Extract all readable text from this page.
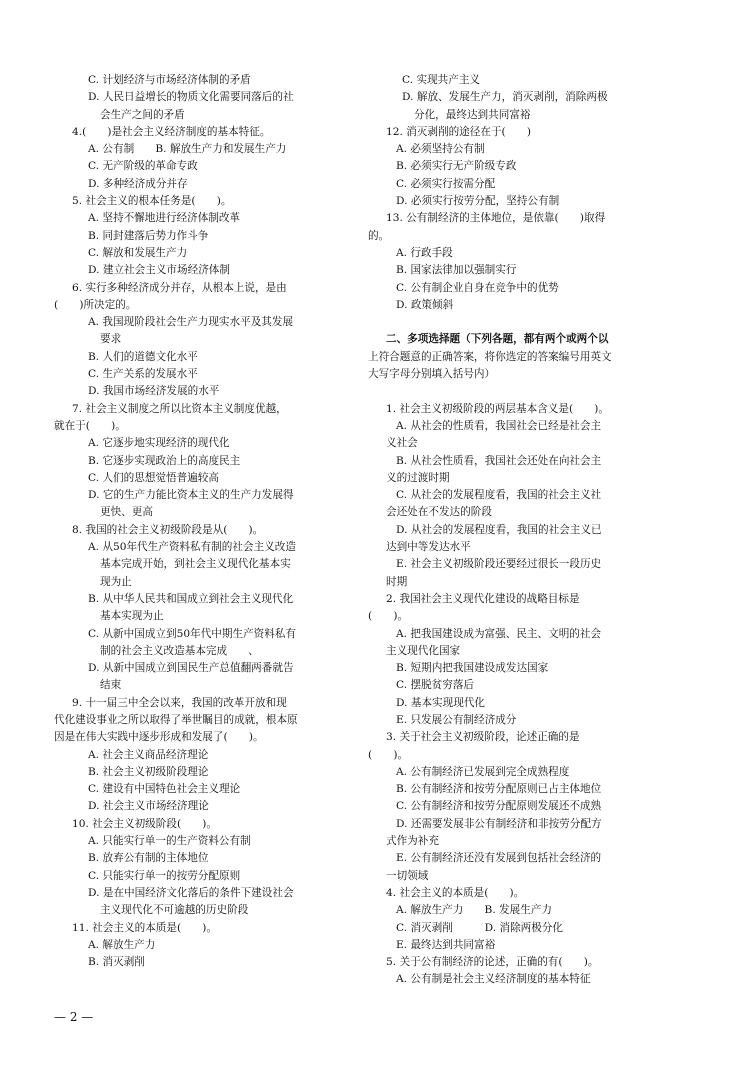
C. 计划经济与市场经济体制的矛盾
D. 人民日益增长的物质文化需要同落后的社
会生产之间的矛盾
4.(　　)是社会主义经济制度的基本特征。
A. 公有制　　B. 解放生产力和发展生产力
C. 无产阶级的革命专政
D. 多种经济成分并存
5. 社会主义的根本任务是(　　)。
A. 坚持不懈地进行经济体制改革
B. 同封建落后势力作斗争
C. 解放和发展生产力
D. 建立社会主义市场经济体制
6. 实行多种经济成分并存，从根本上说，是由
(　　)所决定的。
A. 我国现阶段社会生产力现实水平及其发展
要求
B. 人们的道德文化水平
C. 生产关系的发展水平
D. 我国市场经济发展的水平
7. 社会主义制度之所以比资本主义制度优越，
就在于(　　)。
A. 它逐步地实现经济的现代化
B. 它逐步实现政治上的高度民主
C. 人们的思想觉悟普遍较高
D. 它的生产力能比资本主义的生产力发展得
更快、更高
8. 我国的社会主义初级阶段是从(　　)。
A. 从50年代生产资料私有制的社会主义改造
基本完成开始，到社会主义现代化基本实
现为止
B. 从中华人民共和国成立到社会主义现代化
基本实现为止
C. 从新中国成立到50年代中期生产资料私有
制的社会主义改造基本完成　　、
D. 从新中国成立到国民生产总值翻两番就告
结束
9. 十一届三中全会以来，我国的改革开放和现
代化建设事业之所以取得了举世瞩目的成就，根本原
因是在伟大实践中逐步形成和发展了(　　)。
A. 社会主义商品经济理论
B. 社会主义初级阶段理论
C. 建设有中国特色社会主义理论
D. 社会主义市场经济理论
10. 社会主义初级阶段(　　)。
A. 只能实行单一的生产资料公有制
B. 放弃公有制的主体地位
C. 只能实行单一的按劳分配原则
D. 是在中国经济文化落后的条件下建设社会
主义现代化不可逾越的历史阶段
11. 社会主义的本质是(　　)。
A. 解放生产力
B. 消灭剥削
C. 实现共产主义
D. 解放、发展生产力，消灭剥削，消除两极
分化，最终达到共同富裕
12. 消灭剥削的途径在于(　　)
A. 必须坚持公有制
B. 必须实行无产阶级专政
C. 必须实行按需分配
D. 必须实行按劳分配，坚持公有制
13. 公有制经济的主体地位，是依靠(　　)取得
的。
A. 行政手段
B. 国家法律加以强制实行
C. 公有制企业自身在竞争中的优势
D. 政策倾斜

二、多项选择题（下列各题，都有两个或两个以
上符合题意的正确答案，将你选定的答案编号用英文
大写字母分别填入括号内）

1. 社会主义初级阶段的两层基本含义是(　　)。
A. 从社会的性质看，我国社会已经是社会主
义社会
B. 从社会性质看，我国社会还处在向社会主
义的过渡时期
C. 从社会的发展程度看，我国的社会主义社
会还处在不发达的阶段
D. 从社会的发展程度看，我国的社会主义已
达到中等发达水平
E. 社会主义初级阶段还要经过很长一段历史
时期
2. 我国社会主义现代化建设的战略目标是
(　　)。
A. 把我国建设成为富强、民主、文明的社会
主义现代化国家
B. 短期内把我国建设成发达国家
C. 摆脱贫穷落后
D. 基本实现现代化
E. 只发展公有制经济成分
3. 关于社会主义初级阶段，论述正确的是
(　　)。
A. 公有制经济已发展到完全成熟程度
B. 公有制经济和按劳分配原则已占主体地位
C. 公有制经济和按劳分配原则发展还不成熟
D. 还需要发展非公有制经济和非按劳分配方
式作为补充
E. 公有制经济还没有发展到包括社会经济的
一切领域
4. 社会主义的本质是(　　)。
A. 解放生产力　　B. 发展生产力
C. 消灭剥削　　　D. 消除两极分化
E. 最终达到共同富裕
5. 关于公有制经济的论述，正确的有(　　)。
A. 公有制是社会主义经济制度的基本特征
— 2 —
